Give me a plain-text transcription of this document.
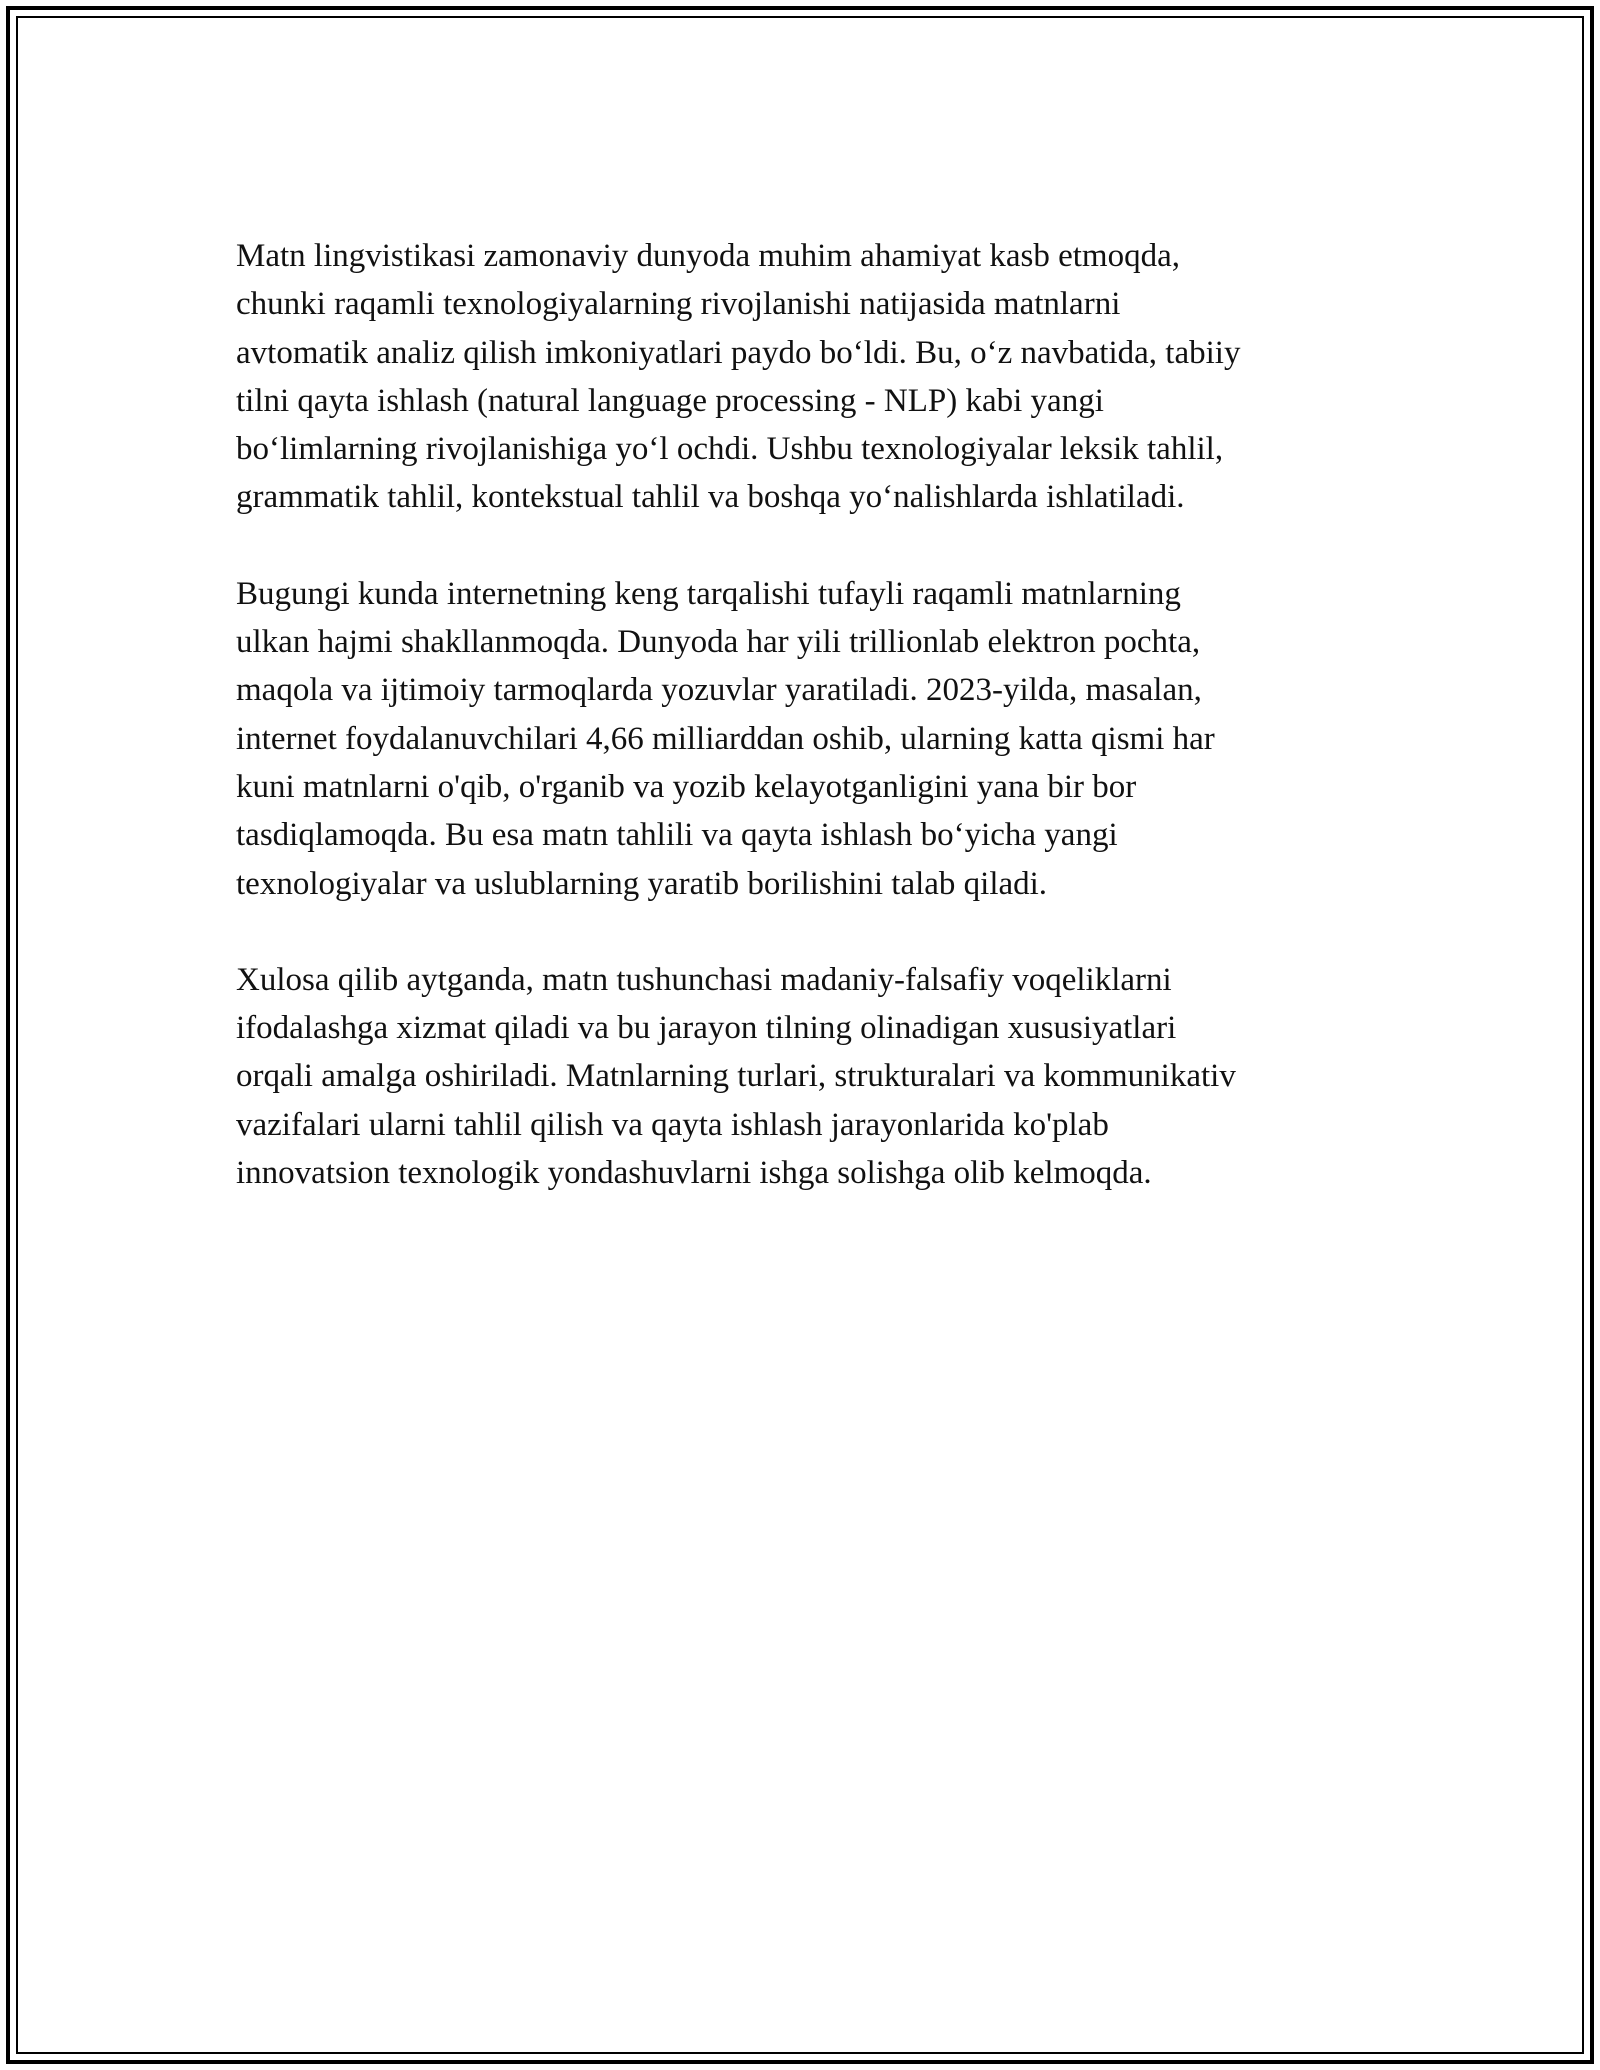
Matn lingvistikasi zamonaviy dunyoda muhim ahamiyat kasb etmoqda,
chunki raqamli texnologiyalarning rivojlanishi natijasida matnlarni
avtomatik analiz qilish imkoniyatlari paydo bo‘ldi. Bu, o‘z navbatida, tabiiy
tilni qayta ishlash (natural language processing - NLP) kabi yangi
bo‘limlarning rivojlanishiga yo‘l ochdi. Ushbu texnologiyalar leksik tahlil,
grammatik tahlil, kontekstual tahlil va boshqa yo‘nalishlarda ishlatiladi.

Bugungi kunda internetning keng tarqalishi tufayli raqamli matnlarning
ulkan hajmi shakllanmoqda. Dunyoda har yili trillionlab elektron pochta,
maqola va ijtimoiy tarmoqlarda yozuvlar yaratiladi. 2023-yilda, masalan,
internet foydalanuvchilari 4,66 milliarddan oshib, ularning katta qismi har
kuni matnlarni o'qib, o'rganib va yozib kelayotganligini yana bir bor
tasdiqlamoqda. Bu esa matn tahlili va qayta ishlash bo‘yicha yangi
texnologiyalar va uslublarning yaratib borilishini talab qiladi.

Xulosa qilib aytganda, matn tushunchasi madaniy-falsafiy voqeliklarni
ifodalashga xizmat qiladi va bu jarayon tilning olinadigan xususiyatlari
orqali amalga oshiriladi. Matnlarning turlari, strukturalari va kommunikativ
vazifalari ularni tahlil qilish va qayta ishlash jarayonlarida ko'plab
innovatsion texnologik yondashuvlarni ishga solishga olib kelmoqda.
